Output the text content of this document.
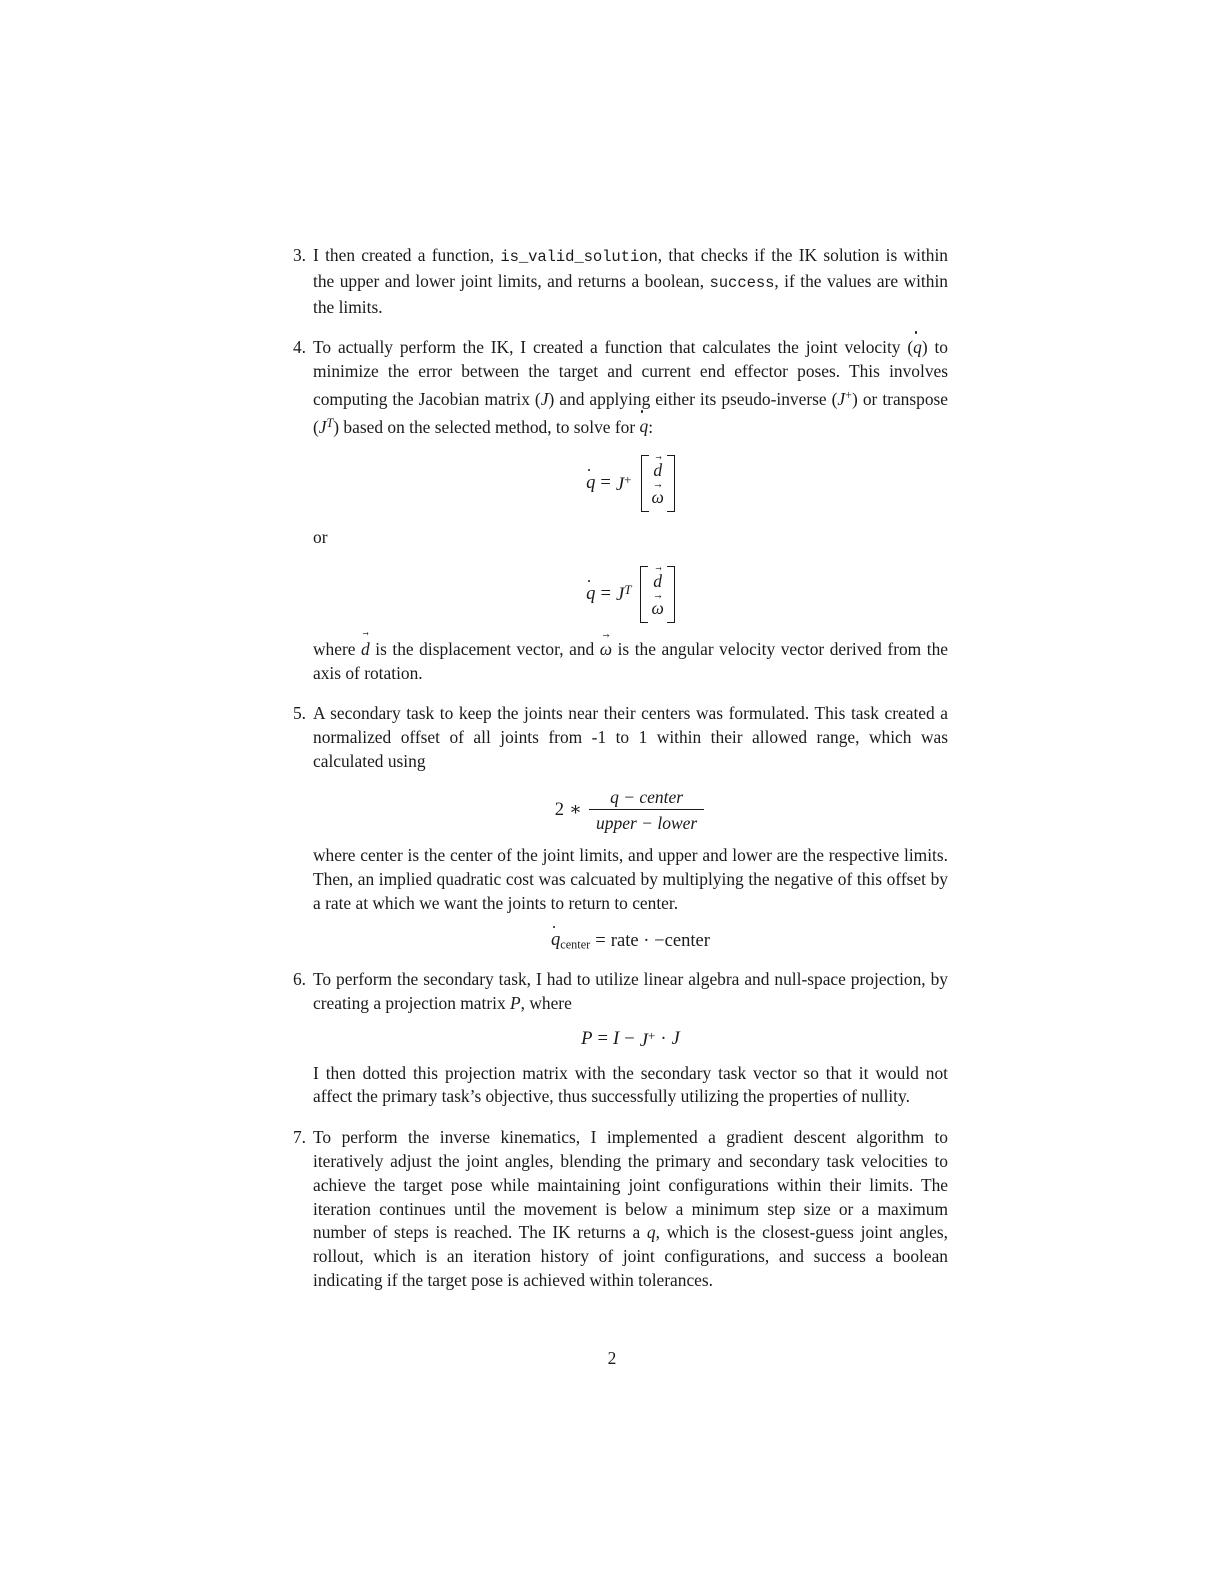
3. I then created a function, is_valid_solution, that checks if the IK solution is within the upper and lower joint limits, and returns a boolean, success, if the values are within the limits.

4. To actually perform the IK, I created a function that calculates the joint velocity (q) to minimize the error between the target and current end effector poses. This involves computing the Jacobian matrix (J) and applying either its pseudo-inverse (J+) or transpose $(J^T)$ based on the selected method, to solve for q:

q = J+ d →
ω →

or

$q = J^T$ d →
ω →

where d → is the displacement vector, and ω → is the angular velocity vector derived from the axis of rotation.

5. A secondary task to keep the joints near their centers was formulated. This task created a normalized offset of all joints from -1 to 1 within their allowed range, which was calculated using

2 ∗ $\frac{\text{q − center}}{\text{upper − lower}}$

where center is the center of the joint limits, and upper and lower are the respective limits. Then, an implied quadratic cost was calcuated by multiplying the negative of this offset by a rate at which we want the joints to return to center.

$q_{center}$ = rate · −center
6. To perform the secondary task, I had to utilize linear algebra and null-space projection, by creating a projection matrix P, where

P = I − J+ · J

I then dotted this projection matrix with the secondary task vector so that it would not affect the primary task’s objective, thus successfully utilizing the properties of nullity.

7. To perform the inverse kinematics, I implemented a gradient descent algorithm to iteratively adjust the joint angles, blending the primary and secondary task velocities to achieve the target pose while maintaining joint configurations within their limits. The iteration continues until the movement is below a minimum step size or a maximum number of steps is reached. The IK returns a q, which is the closest-guess joint angles, rollout, which is an iteration history of joint configurations, and success a boolean indicating if the target pose is achieved within tolerances.

2
